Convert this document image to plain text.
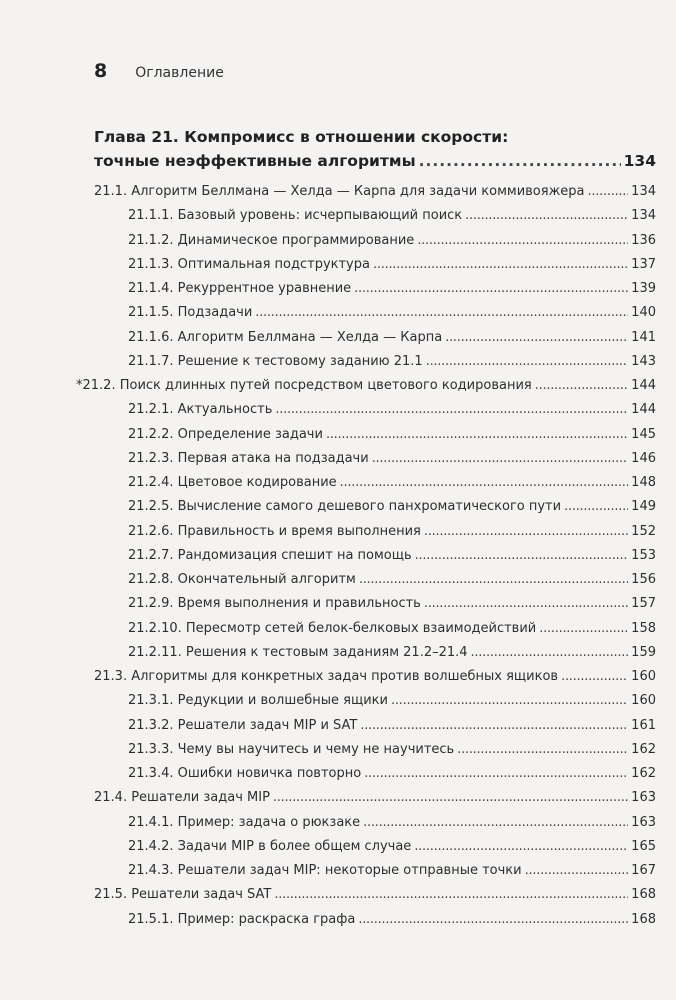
8 Оглавление
Глава 21. Компромисс в отношении скорости:
точные неэффективные алгоритмы . . .	134
21.1. Алгоритм Беллмана — Хелда — Карпа для задачи коммивояжера . . .	134
21.1.1. Базовый уровень: исчерпывающий поиск . . .	134
21.1.2. Динамическое программирование . . .	136
21.1.3. Оптимальная подструктура . . .	137
21.1.4. Рекуррентное уравнение . . .	139
21.1.5. Подзадачи . . .	140
21.1.6. Алгоритм Беллмана — Хелда — Карпа . . .	141
21.1.7. Решение к тестовому заданию 21.1 . . .	143
*21.2. Поиск длинных путей посредством цветового кодирования . . .	144
21.2.1. Актуальность . . .	144
21.2.2. Определение задачи . . .	145
21.2.3. Первая атака на подзадачи . . .	146
21.2.4. Цветовое кодирование . . .	148
21.2.5. Вычисление самого дешевого панхроматического пути . . .	149
21.2.6. Правильность и время выполнения . . .	152
21.2.7. Рандомизация спешит на помощь . . .	153
21.2.8. Окончательный алгоритм . . .	156
21.2.9. Время выполнения и правильность . . .	157
21.2.10. Пересмотр сетей белок-белковых взаимодействий . . .	158
21.2.11. Решения к тестовым заданиям 21.2–21.4 . . .	159
21.3. Алгоритмы для конкретных задач против волшебных ящиков . . .	160
21.3.1. Редукции и волшебные ящики . . .	160
21.3.2. Решатели задач MIP и SAT . . .	161
21.3.3. Чему вы научитесь и чему не научитесь . . .	162
21.3.4. Ошибки новичка повторно . . .	162
21.4. Решатели задач MIP . . .	163
21.4.1. Пример: задача о рюкзаке . . .	163
21.4.2. Задачи MIP в более общем случае . . .	165
21.4.3. Решатели задач MIP: некоторые отправные точки . . .	167
21.5. Решатели задач SAT . . .	168
21.5.1. Пример: раскраска графа . . .	168
